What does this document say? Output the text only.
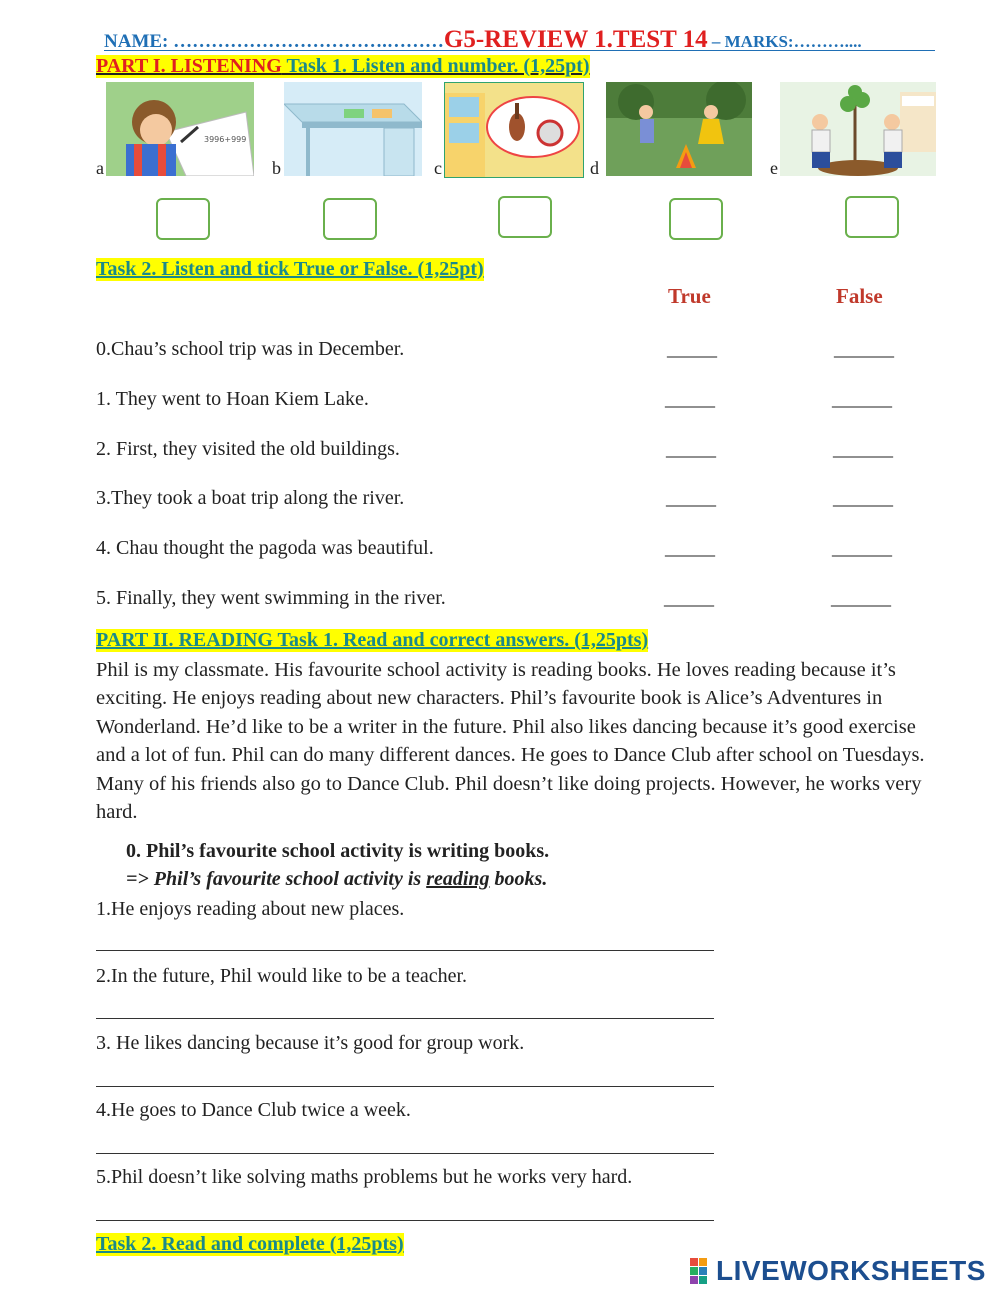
NAME: …………………………….………G5-REVIEW 1.TEST 14 – MARKS:………....
PART I. LISTENING Task 1. Listen and number. (1,25pt)
a
3996+999
b	c	d	e
Task 2. Listen and tick True or False. (1,25pt)
True	False
0.Chau’s school trip was in December.	_____	______
1. They went to Hoan Kiem Lake.	_____	______
2. First, they visited the old buildings.	_____	______
3.They took a boat trip along the river.	_____	______
4. Chau thought the pagoda was beautiful.	_____	______
5. Finally, they went swimming in the river.	_____	______
PART II. READING Task 1. Read and correct answers. (1,25pts)
Phil is my classmate. His favourite school activity is reading books. He loves reading because it’s exciting. He enjoys reading about new characters. Phil’s favourite book is Alice’s Adventures in Wonderland. He’d like to be a writer in the future. Phil also likes dancing because it’s good exercise and a lot of fun. Phil can do many different dances. He goes to Dance Club after school on Tuesdays. Many of his friends also go to Dance Club. Phil doesn’t like doing projects. However, he works very hard.
0. Phil’s favourite school activity is writing books.
=> Phil’s favourite school activity is reading books.
1.He enjoys reading about new places.
2.In the future, Phil would like to be a teacher.
3. He likes dancing because it’s good for group work.
4.He goes to Dance Club twice a week.
5.Phil doesn’t like solving maths problems but he works very hard.
Task 2. Read and complete (1,25pts)
LIVEWORKSHEETS
